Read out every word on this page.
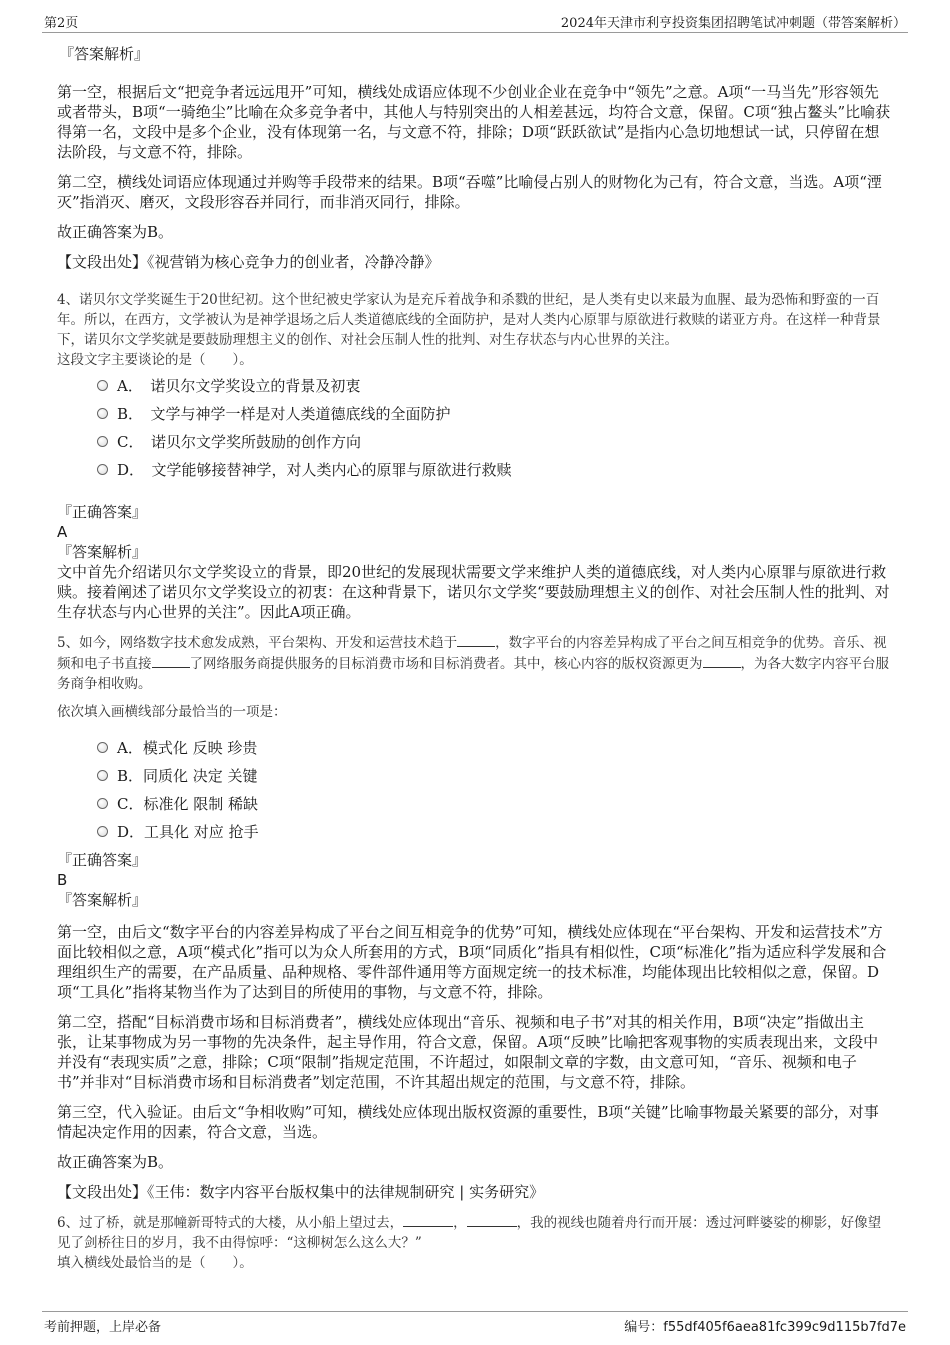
第2页	2024年天津市利亨投资集团招聘笔试冲刺题（带答案解析）

『答案解析』

第一空，根据后文“把竞争者远远甩开”可知，横线处成语应体现不少创业企业在竞争中“领先”之意。A项“一马当先”形容领先或者带头，B项“一骑绝尘”比喻在众多竞争者中，其他人与特别突出的人相差甚远，均符合文意，保留。C项“独占鳌头”比喻获得第一名，文段中是多个企业，没有体现第一名，与文意不符，排除；D项“跃跃欲试”是指内心急切地想试一试，只停留在想法阶段，与文意不符，排除。

第二空，横线处词语应体现通过并购等手段带来的结果。B项“吞噬”比喻侵占别人的财物化为己有，符合文意，当选。A项“湮灭”指消灭、磨灭，文段形容吞并同行，而非消灭同行，排除。

故正确答案为B。

【文段出处】《视营销为核心竞争力的创业者，冷静冷静》

4、诺贝尔文学奖诞生于20世纪初。这个世纪被史学家认为是充斥着战争和杀戮的世纪，是人类有史以来最为血腥、最为恐怖和野蛮的一百年。所以，在西方，文学被认为是神学退场之后人类道德底线的全面防护，是对人类内心原罪与原欲进行救赎的诺亚方舟。在这样一种背景下，诺贝尔文学奖就是要鼓励理想主义的创作、对社会压制人性的批判、对生存状态与内心世界的关注。

这段文字主要谈论的是（　　）。

A．　诺贝尔文学奖设立的背景及初衷
B．　文学与神学一样是对人类道德底线的全面防护
C．　诺贝尔文学奖所鼓励的创作方向
D．　文学能够接替神学，对人类内心的原罪与原欲进行救赎

『正确答案』

A

『答案解析』

文中首先介绍诺贝尔文学奖设立的背景，即20世纪的发展现状需要文学来维护人类的道德底线，对人类内心原罪与原欲进行救赎。接着阐述了诺贝尔文学奖设立的初衷：在这种背景下，诺贝尔文学奖“要鼓励理想主义的创作、对社会压制人性的批判、对生存状态与内心世界的关注”。因此A项正确。

5、如今，网络数字技术愈发成熟，平台架构、开发和运营技术趋于	，数字平台的内容差异构成了平台之间互相竞争的优势。音乐、视频和电子书直接	了网络服务商提供服务的目标消费市场和目标消费者。其中，核心内容的版权资源更为	，为各大数字内容平台服务商争相收购。

依次填入画横线部分最恰当的一项是：

A．模式化 反映 珍贵
B．同质化 决定 关键
C．标准化 限制 稀缺
D．工具化 对应 抢手

『正确答案』

B

『答案解析』

第一空，由后文“数字平台的内容差异构成了平台之间互相竞争的优势”可知，横线处应体现在“平台架构、开发和运营技术”方面比较相似之意，A项“模式化”指可以为众人所套用的方式，B项“同质化”指具有相似性，C项“标准化”指为适应科学发展和合理组织生产的需要，在产品质量、品种规格、零件部件通用等方面规定统一的技术标准，均能体现出比较相似之意，保留。D项“工具化”指将某物当作为了达到目的所使用的事物，与文意不符，排除。

第二空，搭配“目标消费市场和目标消费者”，横线处应体现出“音乐、视频和电子书”对其的相关作用，B项“决定”指做出主张，让某事物成为另一事物的先决条件，起主导作用，符合文意，保留。A项“反映”比喻把客观事物的实质表现出来，文段中并没有“表现实质”之意，排除；C项“限制”指规定范围，不许超过，如限制文章的字数，由文意可知，“音乐、视频和电子书”并非对“目标消费市场和目标消费者”划定范围，不许其超出规定的范围，与文意不符，排除。

第三空，代入验证。由后文“争相收购”可知，横线处应体现出版权资源的重要性，B项“关键”比喻事物最关紧要的部分，对事情起决定作用的因素，符合文意，当选。

故正确答案为B。

【文段出处】《王伟：数字内容平台版权集中的法律规制研究 | 实务研究》

6、过了桥，就是那幢新哥特式的大楼，从小船上望过去，	，	，我的视线也随着舟行而开展：透过河畔婆娑的柳影，好像望见了剑桥往日的岁月，我不由得惊呼：“这柳树怎么这么大？”

填入横线处最恰当的是（　　）。

考前押题，上岸必备	编号：f55df405f6aea81fc399c9d115b7fd7e
